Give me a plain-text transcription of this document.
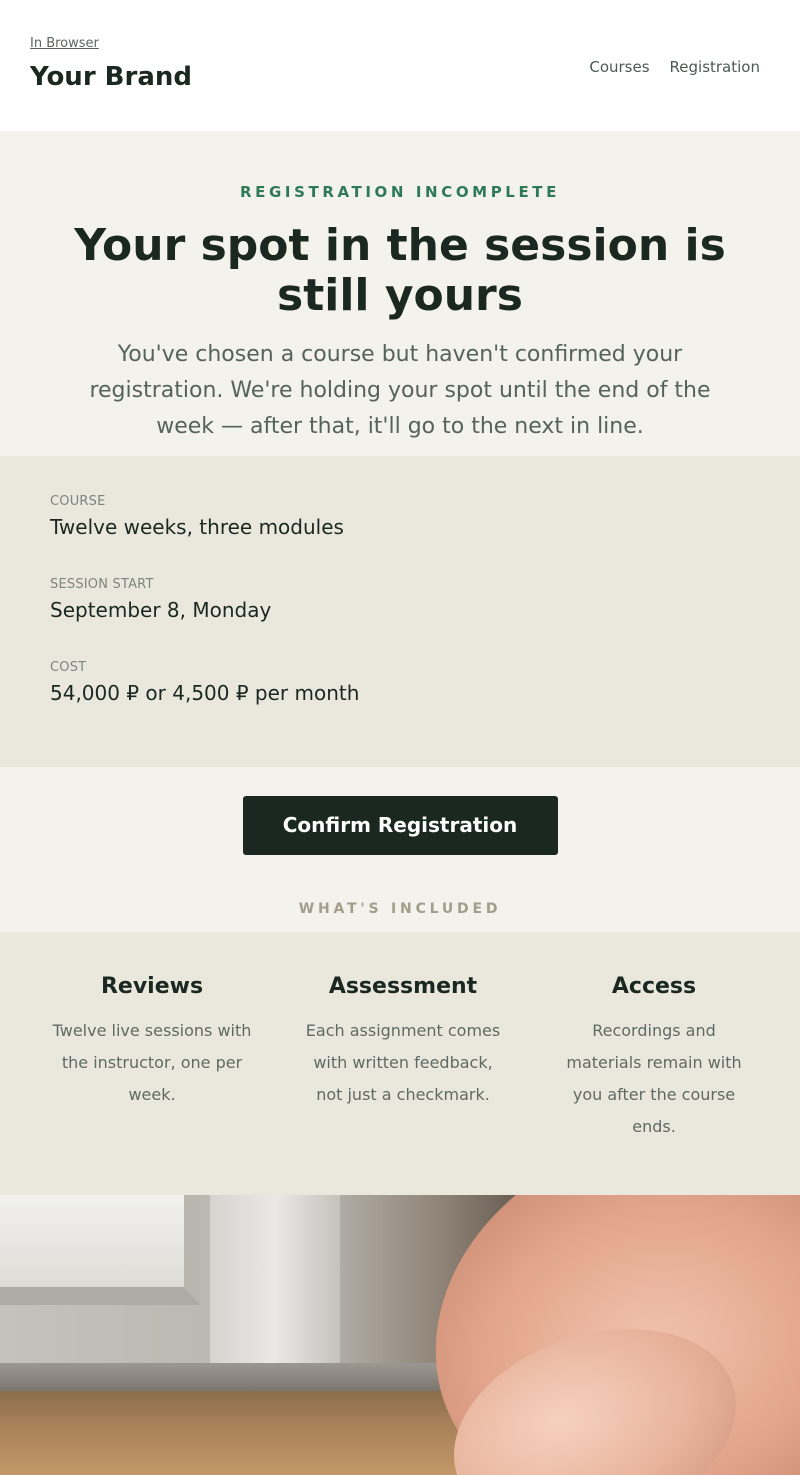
In Browser
Your Brand	Courses Registration
REGISTRATION INCOMPLETE
Your spot in the session is still yours

You've chosen a course but haven't confirmed your registration. We're holding your spot until the end of the week — after that, it'll go to the next in line.

COURSE
Twelve weeks, three modules
SESSION START
September 8, Monday
COST
54,000 ₽ or 4,500 ₽ per month
Confirm Registration
WHAT'S INCLUDED
Reviews
Twelve live sessions with the instructor, one per week.
Assessment
Each assignment comes with written feedback, not just a checkmark.
Access
Recordings and materials remain with you after the course ends.
